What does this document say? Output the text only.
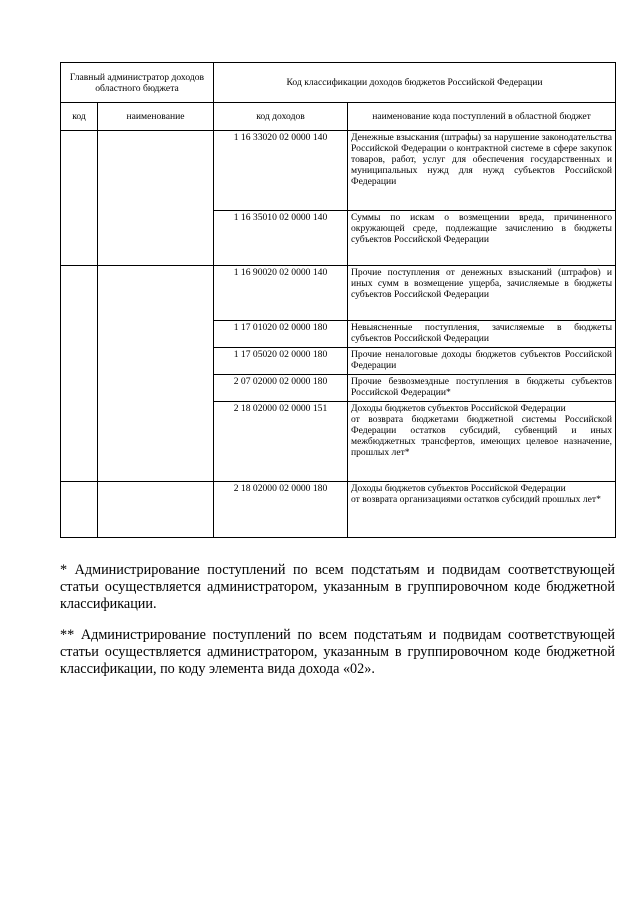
Главный администратор доходов областного бюджета		Код классификации доходов бюджетов Российской Федерации	
код	наименование	код доходов	наименование кода поступлений в областной бюджет
		1 16 33020 02 0000 140	Денежные взыскания (штрафы) за нарушение законодательства Российской Федерации о контрактной системе в сфере закупок товаров, работ, услуг для обеспечения государственных и муниципальных нужд для нужд субъектов Российской Федерации
		1 16 35010 02 0000 140	Суммы по искам о возмещении вреда, причиненного окружающей среде, подлежащие зачислению в бюджеты субъектов Российской Федерации
		1 16 90020 02 0000 140	Прочие поступления от денежных взысканий (штрафов) и иных сумм в возмещение ущерба, зачисляемые в бюджеты субъектов Российской Федерации
		1 17 01020 02 0000 180	Невыясненные поступления, зачисляемые в бюджеты субъектов Российской Федерации
		1 17 05020 02 0000 180	Прочие неналоговые доходы бюджетов субъектов Российской Федерации
		2 07 02000 02 0000 180	Прочие безвозмездные поступления в бюджеты субъектов Российской Федерации*
		2 18 02000 02 0000 151	Доходы бюджетов субъектов Российской Федерации
от возврата бюджетами бюджетной системы Российской Федерации остатков субсидий, субвенций и иных межбюджетных трансфертов, имеющих целевое назначение, прошлых лет*

		2 18 02000 02 0000 180	Доходы бюджетов субъектов Российской Федерации
от возврата организациями остатков субсидий прошлых лет*
* Администрирование поступлений по всем подстатьям и подвидам соответствующей статьи осуществляется администратором, указанным в группировочном коде бюджетной классификации.
** Администрирование поступлений по всем подстатьям и подвидам соответствующей статьи осуществляется администратором, указанным в группировочном коде бюджетной классификации, по коду элемента вида дохода «02».
